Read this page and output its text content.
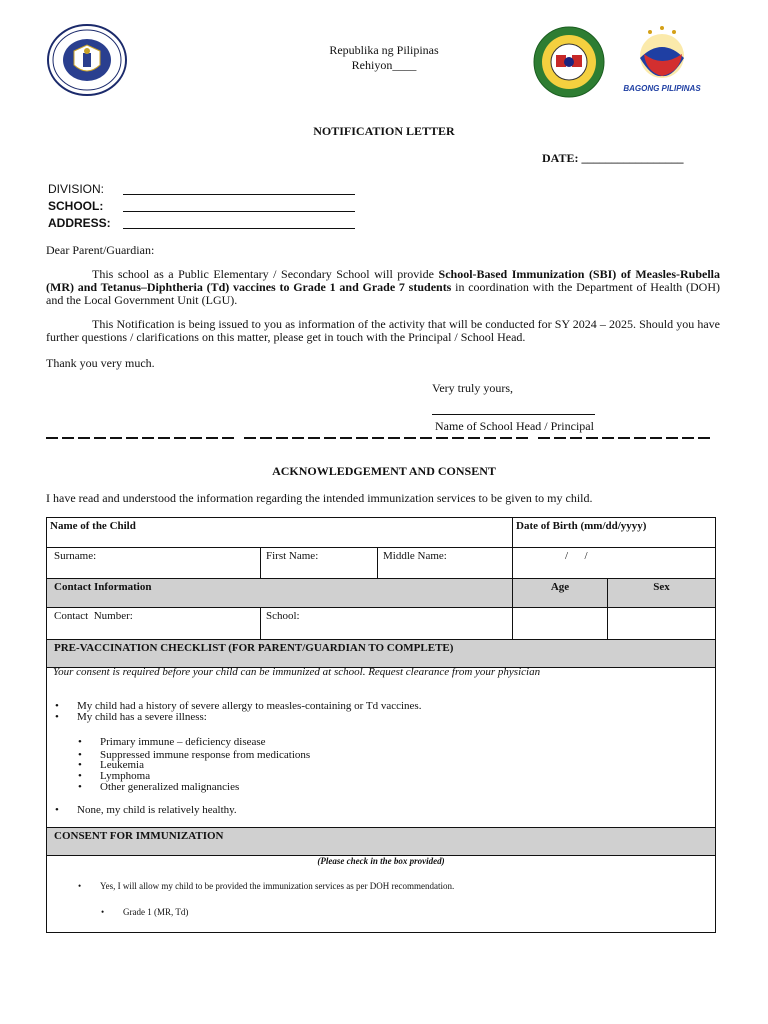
Republika ng Pilipinas
Rehiyon____
BAGONG PILIPINAS
NOTIFICATION LETTER
DATE: _________________
DIVISION:
SCHOOL:
ADDRESS:
Dear Parent/Guardian:
This school as a Public Elementary / Secondary School will provide School-Based Immunization (SBI) of Measles-Rubella (MR) and Tetanus–Diphtheria (Td) vaccines to Grade 1 and Grade 7 students in coordination with the Department of Health (DOH) and the Local Government Unit (LGU).
This Notification is being issued to you as information of the activity that will be conducted for SY 2024 – 2025. Should you have further questions / clarifications on this matter, please get in touch with the Principal / School Head.
Thank you very much.
Very truly yours,
Name of School Head / Principal
ACKNOWLEDGEMENT AND CONSENT
I have read and understood the information regarding the intended immunization services to be given to my child.
Name of the Child	Date of Birth (mm/dd/yyyy)
Surname:	First Name:	Middle Name:	/      /
Contact Information	Age	Sex
Contact  Number:	School:
PRE-VACCINATION CHECKLIST (FOR PARENT/GUARDIAN TO COMPLETE)
Your consent is required before your child can be immunized at school. Request clearance from your physician
• My child had a history of severe allergy to measles-containing or Td vaccines.
• My child has a severe illness:
• Primary immune – deficiency disease
• Suppressed immune response from medications
• Leukemia
• Lymphoma
• Other generalized malignancies
• None, my child is relatively healthy.
CONSENT FOR IMMUNIZATION
(Please check in the box provided)
• Yes, I will allow my child to be provided the immunization services as per DOH recommendation.
• Grade 1 (MR, Td)
